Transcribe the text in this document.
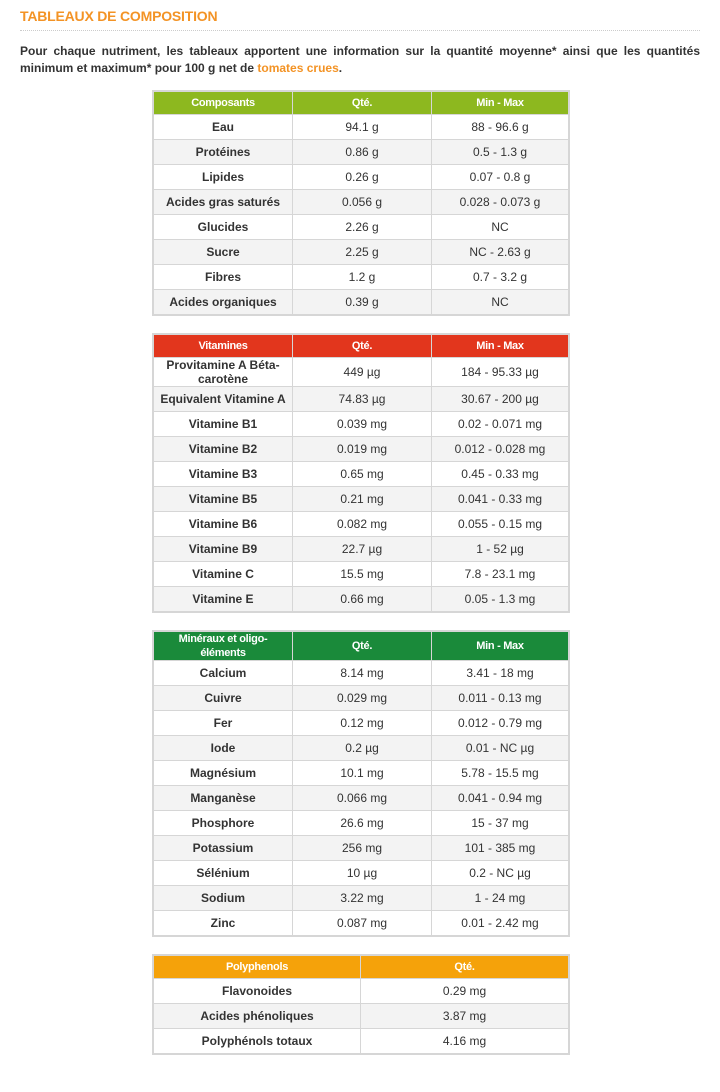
TABLEAUX DE COMPOSITION

Pour chaque nutriment, les tableaux apportent une information sur la quantité moyenne* ainsi que les quantités minimum et maximum* pour 100 g net de tomates crues.

Composants	Qté.	Min - Max
Eau	94.1 g	88 - 96.6 g
Protéines	0.86 g	0.5 - 1.3 g
Lipides	0.26 g	0.07 - 0.8 g
Acides gras saturés	0.056 g	0.028 - 0.073 g
Glucides	2.26 g	NC
Sucre	2.25 g	NC - 2.63 g
Fibres	1.2 g	0.7 - 3.2 g
Acides organiques	0.39 g	NC
Vitamines	Qté.	Min - Max
Provitamine A Béta-carotène	449 µg	184 - 95.33 µg
Equivalent Vitamine A	74.83 µg	30.67 - 200 µg
Vitamine B1	0.039 mg	0.02 - 0.071 mg
Vitamine B2	0.019 mg	0.012 - 0.028 mg
Vitamine B3	0.65 mg	0.45 - 0.33 mg
Vitamine B5	0.21 mg	0.041 - 0.33 mg
Vitamine B6	0.082 mg	0.055 - 0.15 mg
Vitamine B9	22.7 µg	1 - 52 µg
Vitamine C	15.5 mg	7.8 - 23.1 mg
Vitamine E	0.66 mg	0.05 - 1.3 mg
Minéraux et oligo-éléments	Qté.	Min - Max
Calcium	8.14 mg	3.41 - 18 mg
Cuivre	0.029 mg	0.011 - 0.13 mg
Fer	0.12 mg	0.012 - 0.79 mg
Iode	0.2 µg	0.01 - NC µg
Magnésium	10.1 mg	5.78 - 15.5 mg
Manganèse	0.066 mg	0.041 - 0.94 mg
Phosphore	26.6 mg	15 - 37 mg
Potassium	256 mg	101 - 385 mg
Sélénium	10 µg	0.2 - NC µg
Sodium	3.22 mg	1 - 24 mg
Zinc	0.087 mg	0.01 - 2.42 mg
Polyphenols	Qté.
Flavonoides	0.29 mg
Acides phénoliques	3.87 mg
Polyphénols totaux	4.16 mg
